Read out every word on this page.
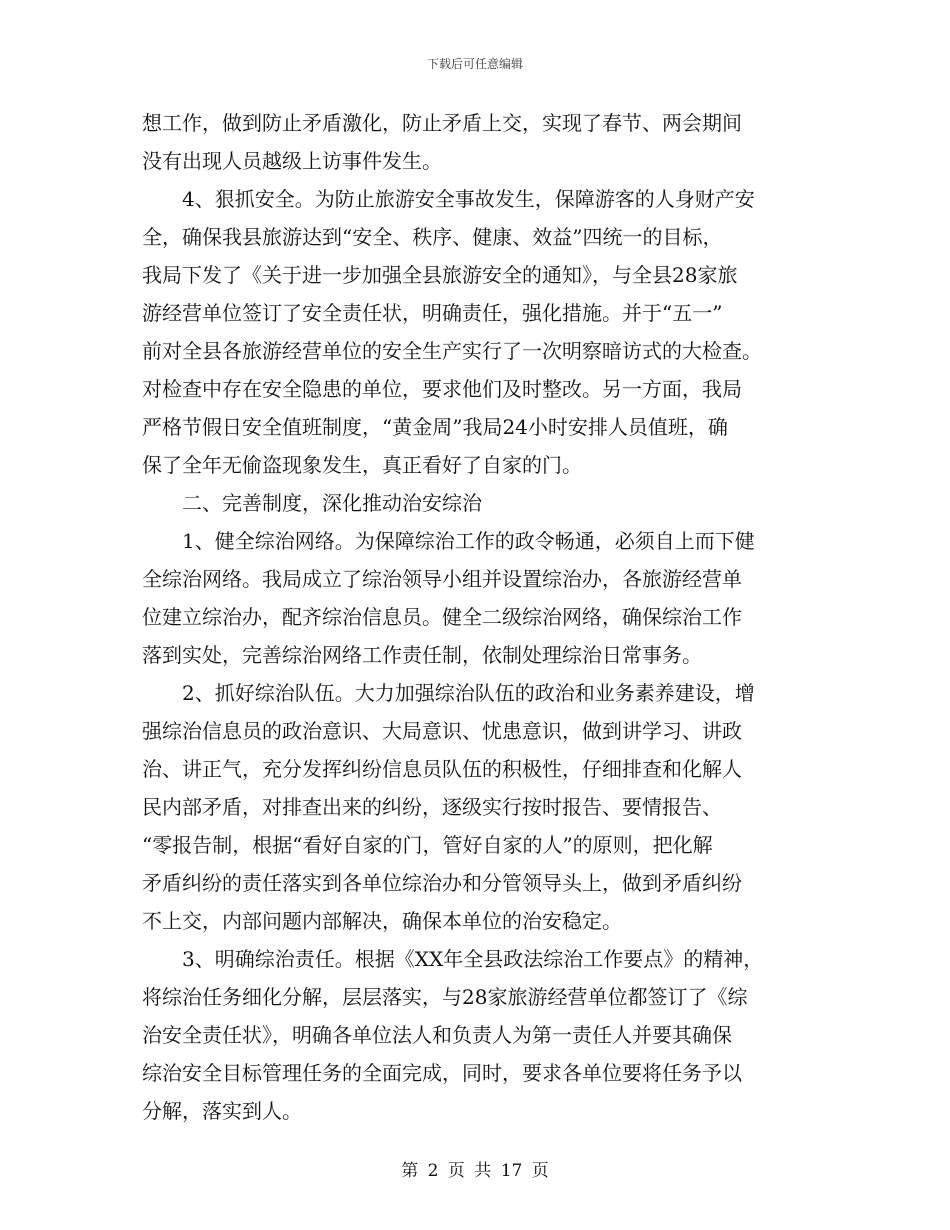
下载后可任意编辑
想工作，做到防止矛盾激化，防止矛盾上交，实现了春节、两会期间
没有出现人员越级上访事件发生。
　　4、狠抓安全。为防止旅游安全事故发生，保障游客的人身财产安
全，确保我县旅游达到“安全、秩序、健康、效益”四统一的目标，
我局下发了《关于进一步加强全县旅游安全的通知》，与全县28家旅
游经营单位签订了安全责任状，明确责任，强化措施。并于“五一”
前对全县各旅游经营单位的安全生产实行了一次明察暗访式的大检查。
对检查中存在安全隐患的单位，要求他们及时整改。另一方面，我局
严格节假日安全值班制度，“黄金周”我局24小时安排人员值班，确
保了全年无偷盗现象发生，真正看好了自家的门。
　　二、完善制度，深化推动治安综治
　　1、健全综治网络。为保障综治工作的政令畅通，必须自上而下健
全综治网络。我局成立了综治领导小组并设置综治办，各旅游经营单
位建立综治办，配齐综治信息员。健全二级综治网络，确保综治工作
落到实处，完善综治网络工作责任制，依制处理综治日常事务。
　　2、抓好综治队伍。大力加强综治队伍的政治和业务素养建设，增
强综治信息员的政治意识、大局意识、忧患意识，做到讲学习、讲政
治、讲正气，充分发挥纠纷信息员队伍的积极性，仔细排查和化解人
民内部矛盾，对排查出来的纠纷，逐级实行按时报告、要情报告、
“零报告制，根据“看好自家的门，管好自家的人”的原则，把化解
矛盾纠纷的责任落实到各单位综治办和分管领导头上，做到矛盾纠纷
不上交，内部问题内部解决，确保本单位的治安稳定。
　　3、明确综治责任。根据《XX年全县政法综治工作要点》的精神，
将综治任务细化分解，层层落实，与28家旅游经营单位都签订了《综
治安全责任状》，明确各单位法人和负责人为第一责任人并要其确保
综治安全目标管理任务的全面完成，同时，要求各单位要将任务予以
分解，落实到人。
第 2 页 共 17 页
